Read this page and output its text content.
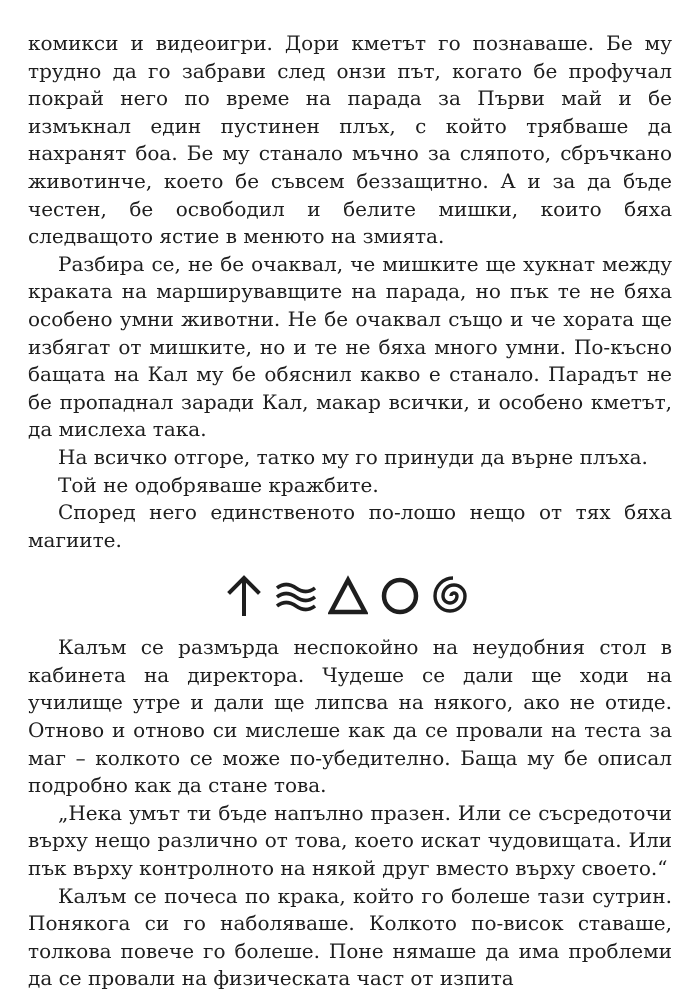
комикси и видеоигри. Дори кметът го познаваше. Бе му трудно да го забрави след онзи път, когато бе профучал покрай него по време на парада за Първи май и бе измъкнал един пустинен плъх, с който трябваше да нахранят боа. Бе му станало мъчно за сляпото, сбръчкано животинче, което бе съвсем беззащитно. А и за да бъде честен, бе освободил и белите мишки, които бяха следващото ястие в менюто на змията.

Разбира се, не бе очаквал, че мишките ще хукнат между краката на марширувавщите на парада, но пък те не бяха особено умни животни. Не бе очаквал също и че хората ще избягат от мишките, но и те не бяха много умни. По-късно бащата на Кал му бе обяснил какво е станало. Парадът не бе пропаднал заради Кал, макар всички, и особено кметът, да мислеха така.

На всичко отгоре, татко му го принуди да върне плъха.

Той не одобряваше кражбите.

Според него единственото по-лошо нещо от тях бяха магиите.

Калъм се размърда неспокойно на неудобния стол в кабинета на директора. Чудеше се дали ще ходи на училище утре и дали ще липсва на някого, ако не отиде. Отново и отново си мислеше как да се провали на теста за маг – колкото се може по-убедително. Баща му бе описал подробно как да стане това.

„Нека умът ти бъде напълно празен. Или се съсредоточи върху нещо различно от това, което искат чудовищата. Или пък върху контролното на някой друг вместо върху своето.“

Калъм се почеса по крака, който го болеше тази сутрин. Понякога си го наболяваше. Колкото по-висок ставаше, толкова повече го болеше. Поне нямаше да има проблеми да се провали на физическата част от изпита
